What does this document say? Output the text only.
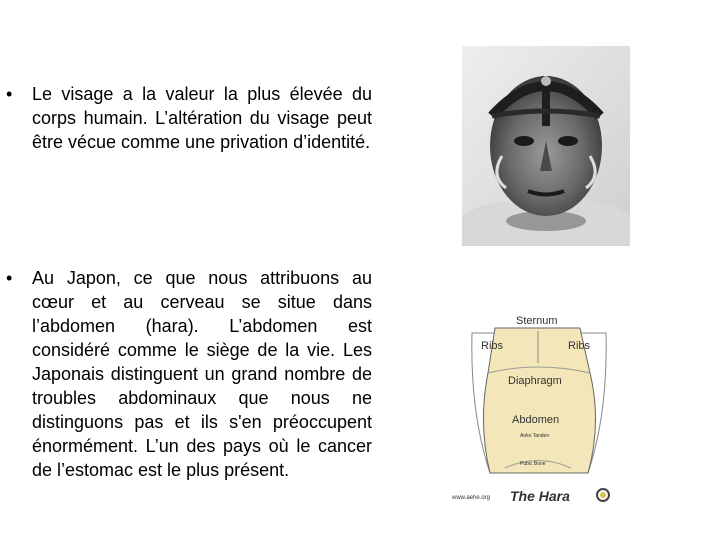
•	Le visage a la valeur la plus élevée du corps humain. L’altération du visage peut être vécue comme une privation d’identité.
•	Au Japon, ce que nous attribuons au cœur et au cerveau se situe dans l’abdomen (hara). L’abdomen est considéré comme le siège de la vie. Les Japonais distinguent un grand nombre de troubles abdominaux que nous ne distinguons pas et ils s'en préoccupent énormément. L’un des pays où le cancer de l’estomac est le plus présent.
Sternum
Ribs	Ribs
Diaphragm
Abdomen
Anko Tanden
Pubic Bone
www.aehe.org The Hara
